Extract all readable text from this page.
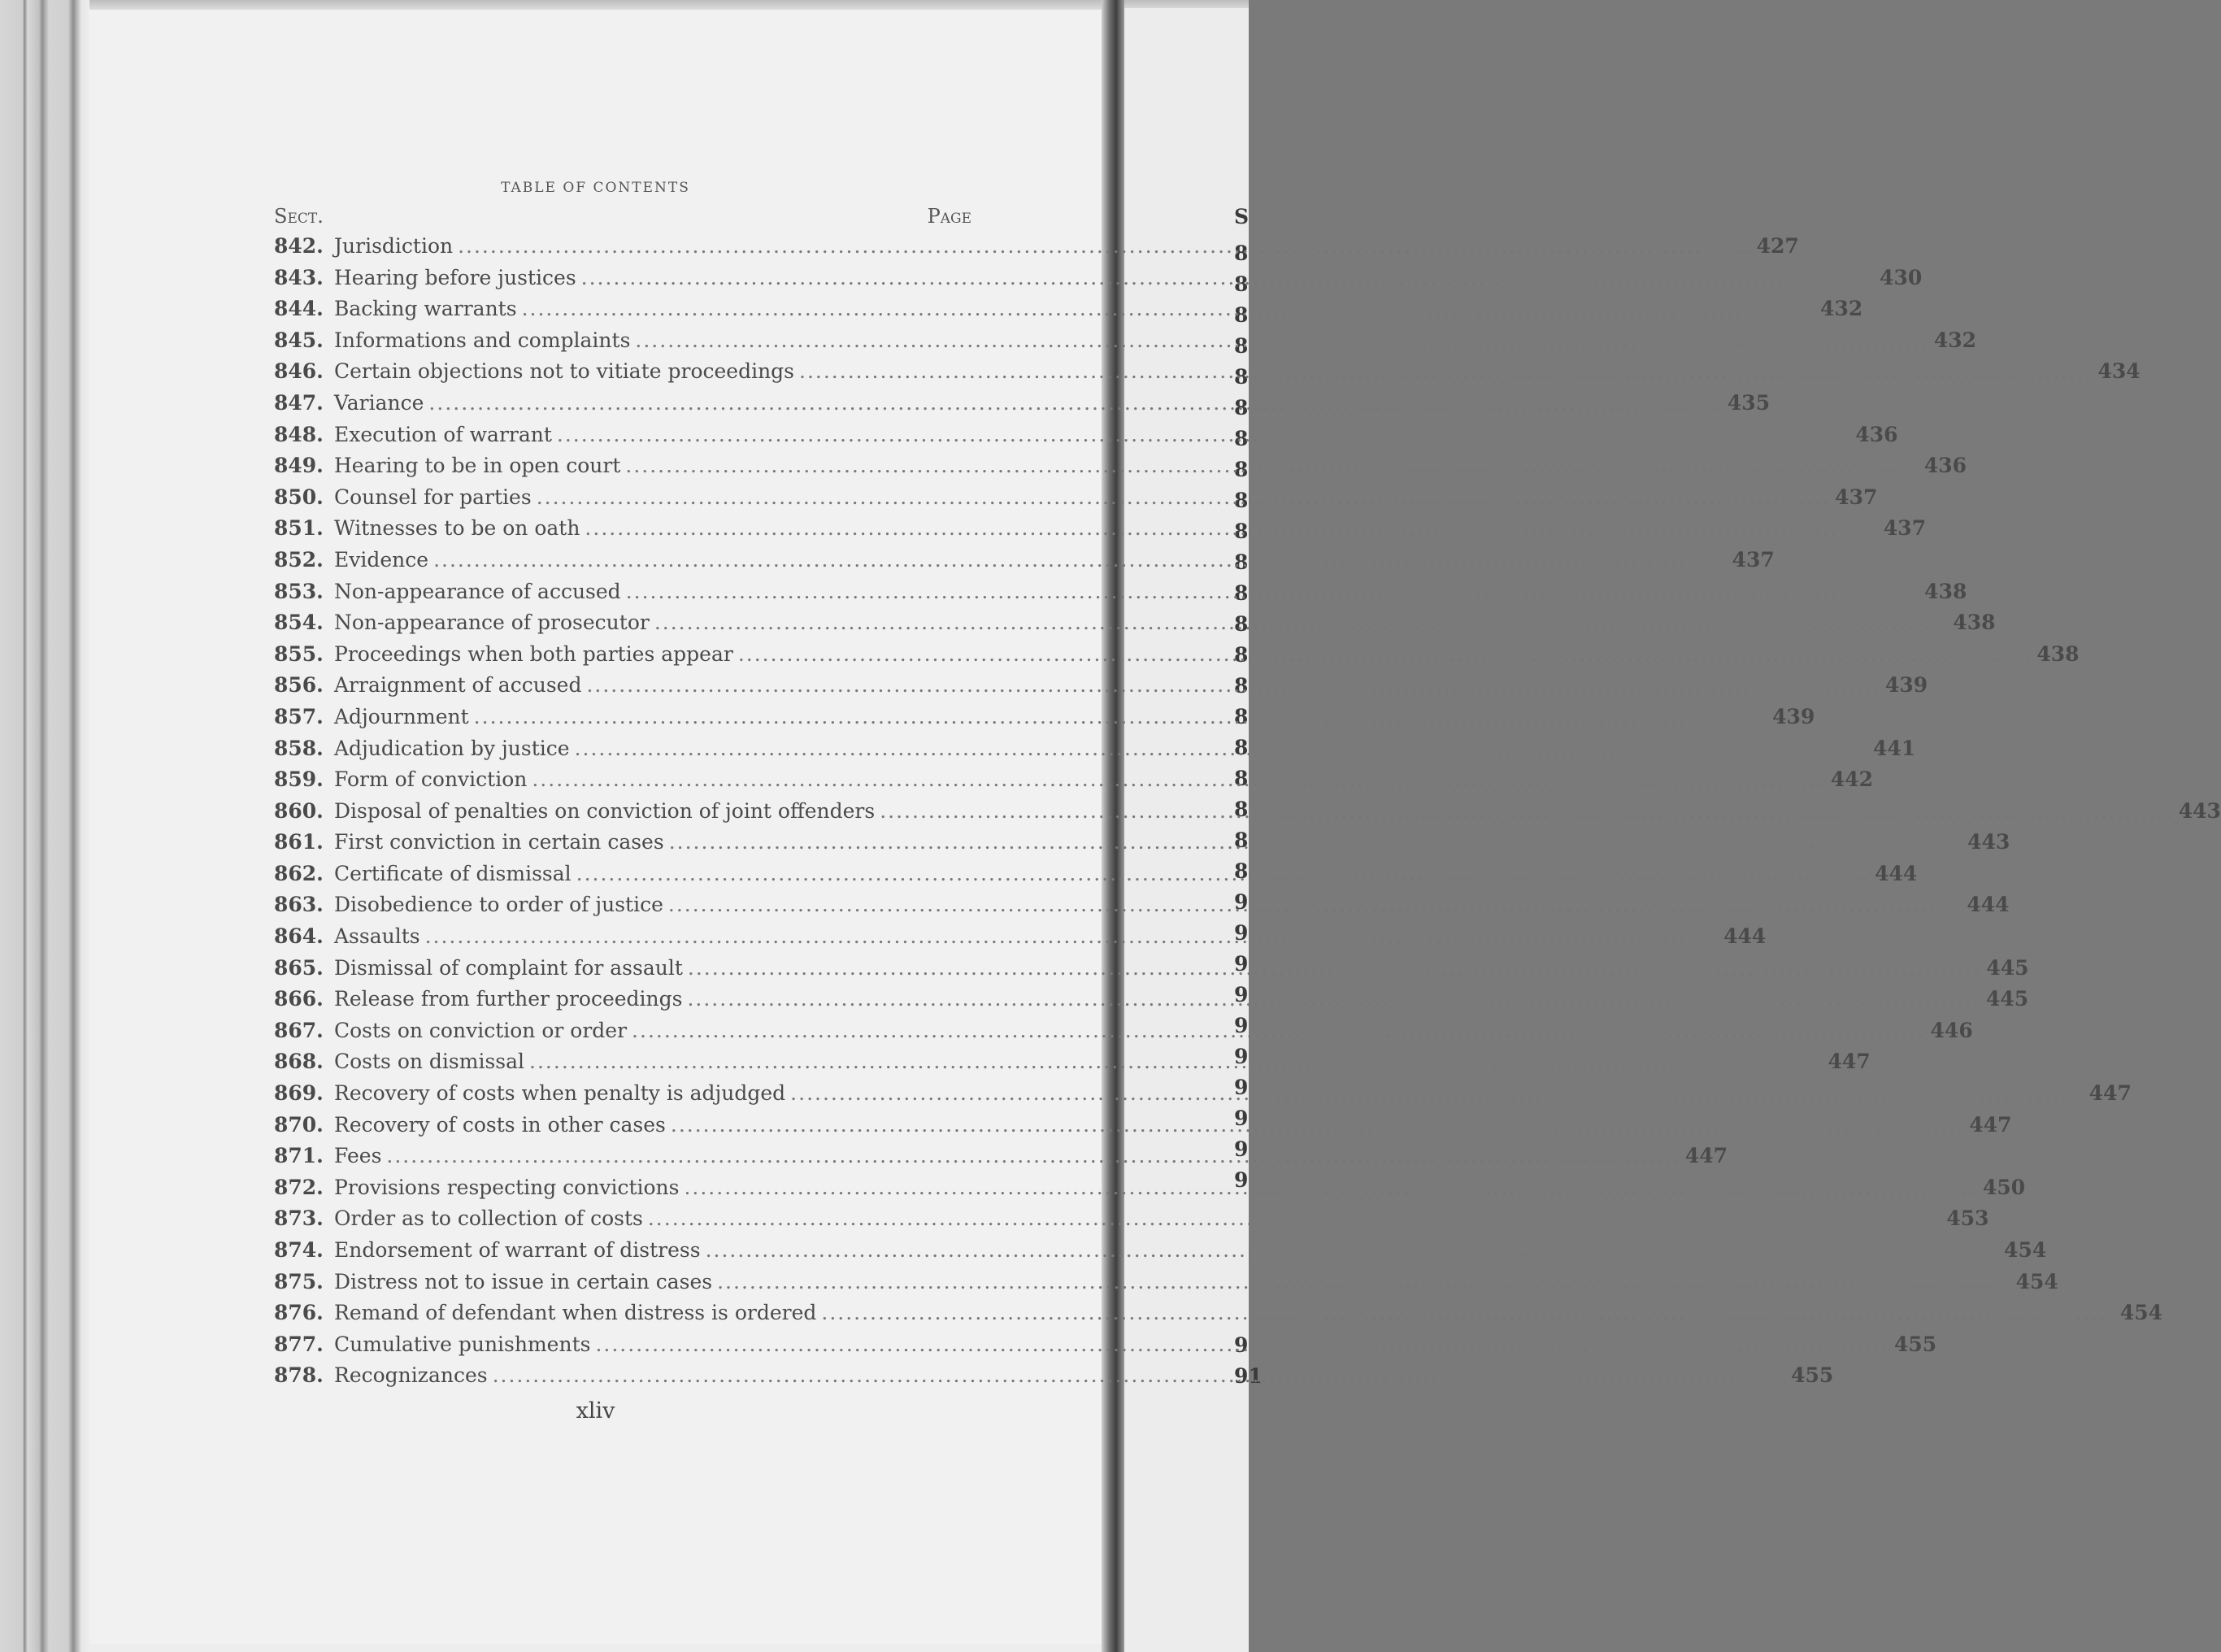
S
8
8
8
8
8
8
8
8
8
8
8
8
8
8
8
8
8
8
8
8
8
9
9
9
9
9
9
9
9
9
9
9
91
TABLE OF CONTENTS
Sect.	Page
842. Jurisdiction .....	427
843. Hearing before justices .....	430
844. Backing warrants .....	432
845. Informations and complaints .....	432
846. Certain objections not to vitiate proceedings .....	434
847. Variance .....	435
848. Execution of warrant .....	436
849. Hearing to be in open court .....	436
850. Counsel for parties .....	437
851. Witnesses to be on oath .....	437
852. Evidence .....	437
853. Non-appearance of accused .....	438
854. Non-appearance of prosecutor .....	438
855. Proceedings when both parties appear .....	438
856. Arraignment of accused .....	439
857. Adjournment .....	439
858. Adjudication by justice .....	441
859. Form of conviction .....	442
860. Disposal of penalties on conviction of joint offenders .....	443
861. First conviction in certain cases .....	443
862. Certificate of dismissal .....	444
863. Disobedience to order of justice .....	444
864. Assaults .....	444
865. Dismissal of complaint for assault .....	445
866. Release from further proceedings .....	445
867. Costs on conviction or order .....	446
868. Costs on dismissal .....	447
869. Recovery of costs when penalty is adjudged .....	447
870. Recovery of costs in other cases .....	447
871. Fees .....	447
872. Provisions respecting convictions .....	450
873. Order as to collection of costs .....	453
874. Endorsement of warrant of distress .....	454
875. Distress not to issue in certain cases .....	454
876. Remand of defendant when distress is ordered .....	454
877. Cumulative punishments .....	455
878. Recognizances .....	455
xliv
